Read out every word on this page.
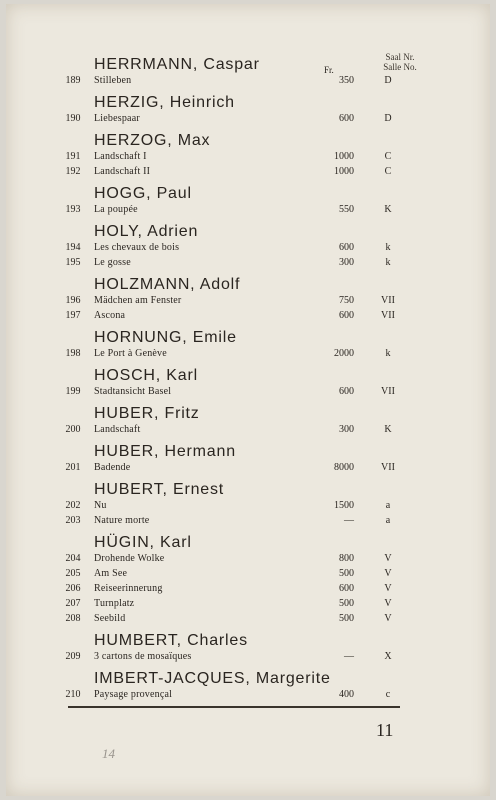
Saal Nr.
Salle No.
Fr.
HERRMANN, Caspar
189	Stilleben	350	D
HERZIG, Heinrich
190	Liebespaar	600	D
HERZOG, Max
191	Landschaft I	1000	C
192	Landschaft II	1000	C
HOGG, Paul
193	La poupée	550	K
HOLY, Adrien
194	Les chevaux de bois	600	k
195	Le gosse	300	k
HOLZMANN, Adolf
196	Mädchen am Fenster	750	VII
197	Ascona	600	VII
HORNUNG, Emile
198	Le Port à Genève	2000	k
HOSCH, Karl
199	Stadtansicht Basel	600	VII
HUBER, Fritz
200	Landschaft	300	K
HUBER, Hermann
201	Badende	8000	VII
HUBERT, Ernest
202	Nu	1500	a
203	Nature morte	—	a
HÜGIN, Karl
204	Drohende Wolke	800	V
205	Am See	500	V
206	Reiseerinnerung	600	V
207	Turnplatz	500	V
208	Seebild	500	V
HUMBERT, Charles
209	3 cartons de mosaïques	—	X
IMBERT-JACQUES, Margerite
210	Paysage provençal	400	c
11
14
